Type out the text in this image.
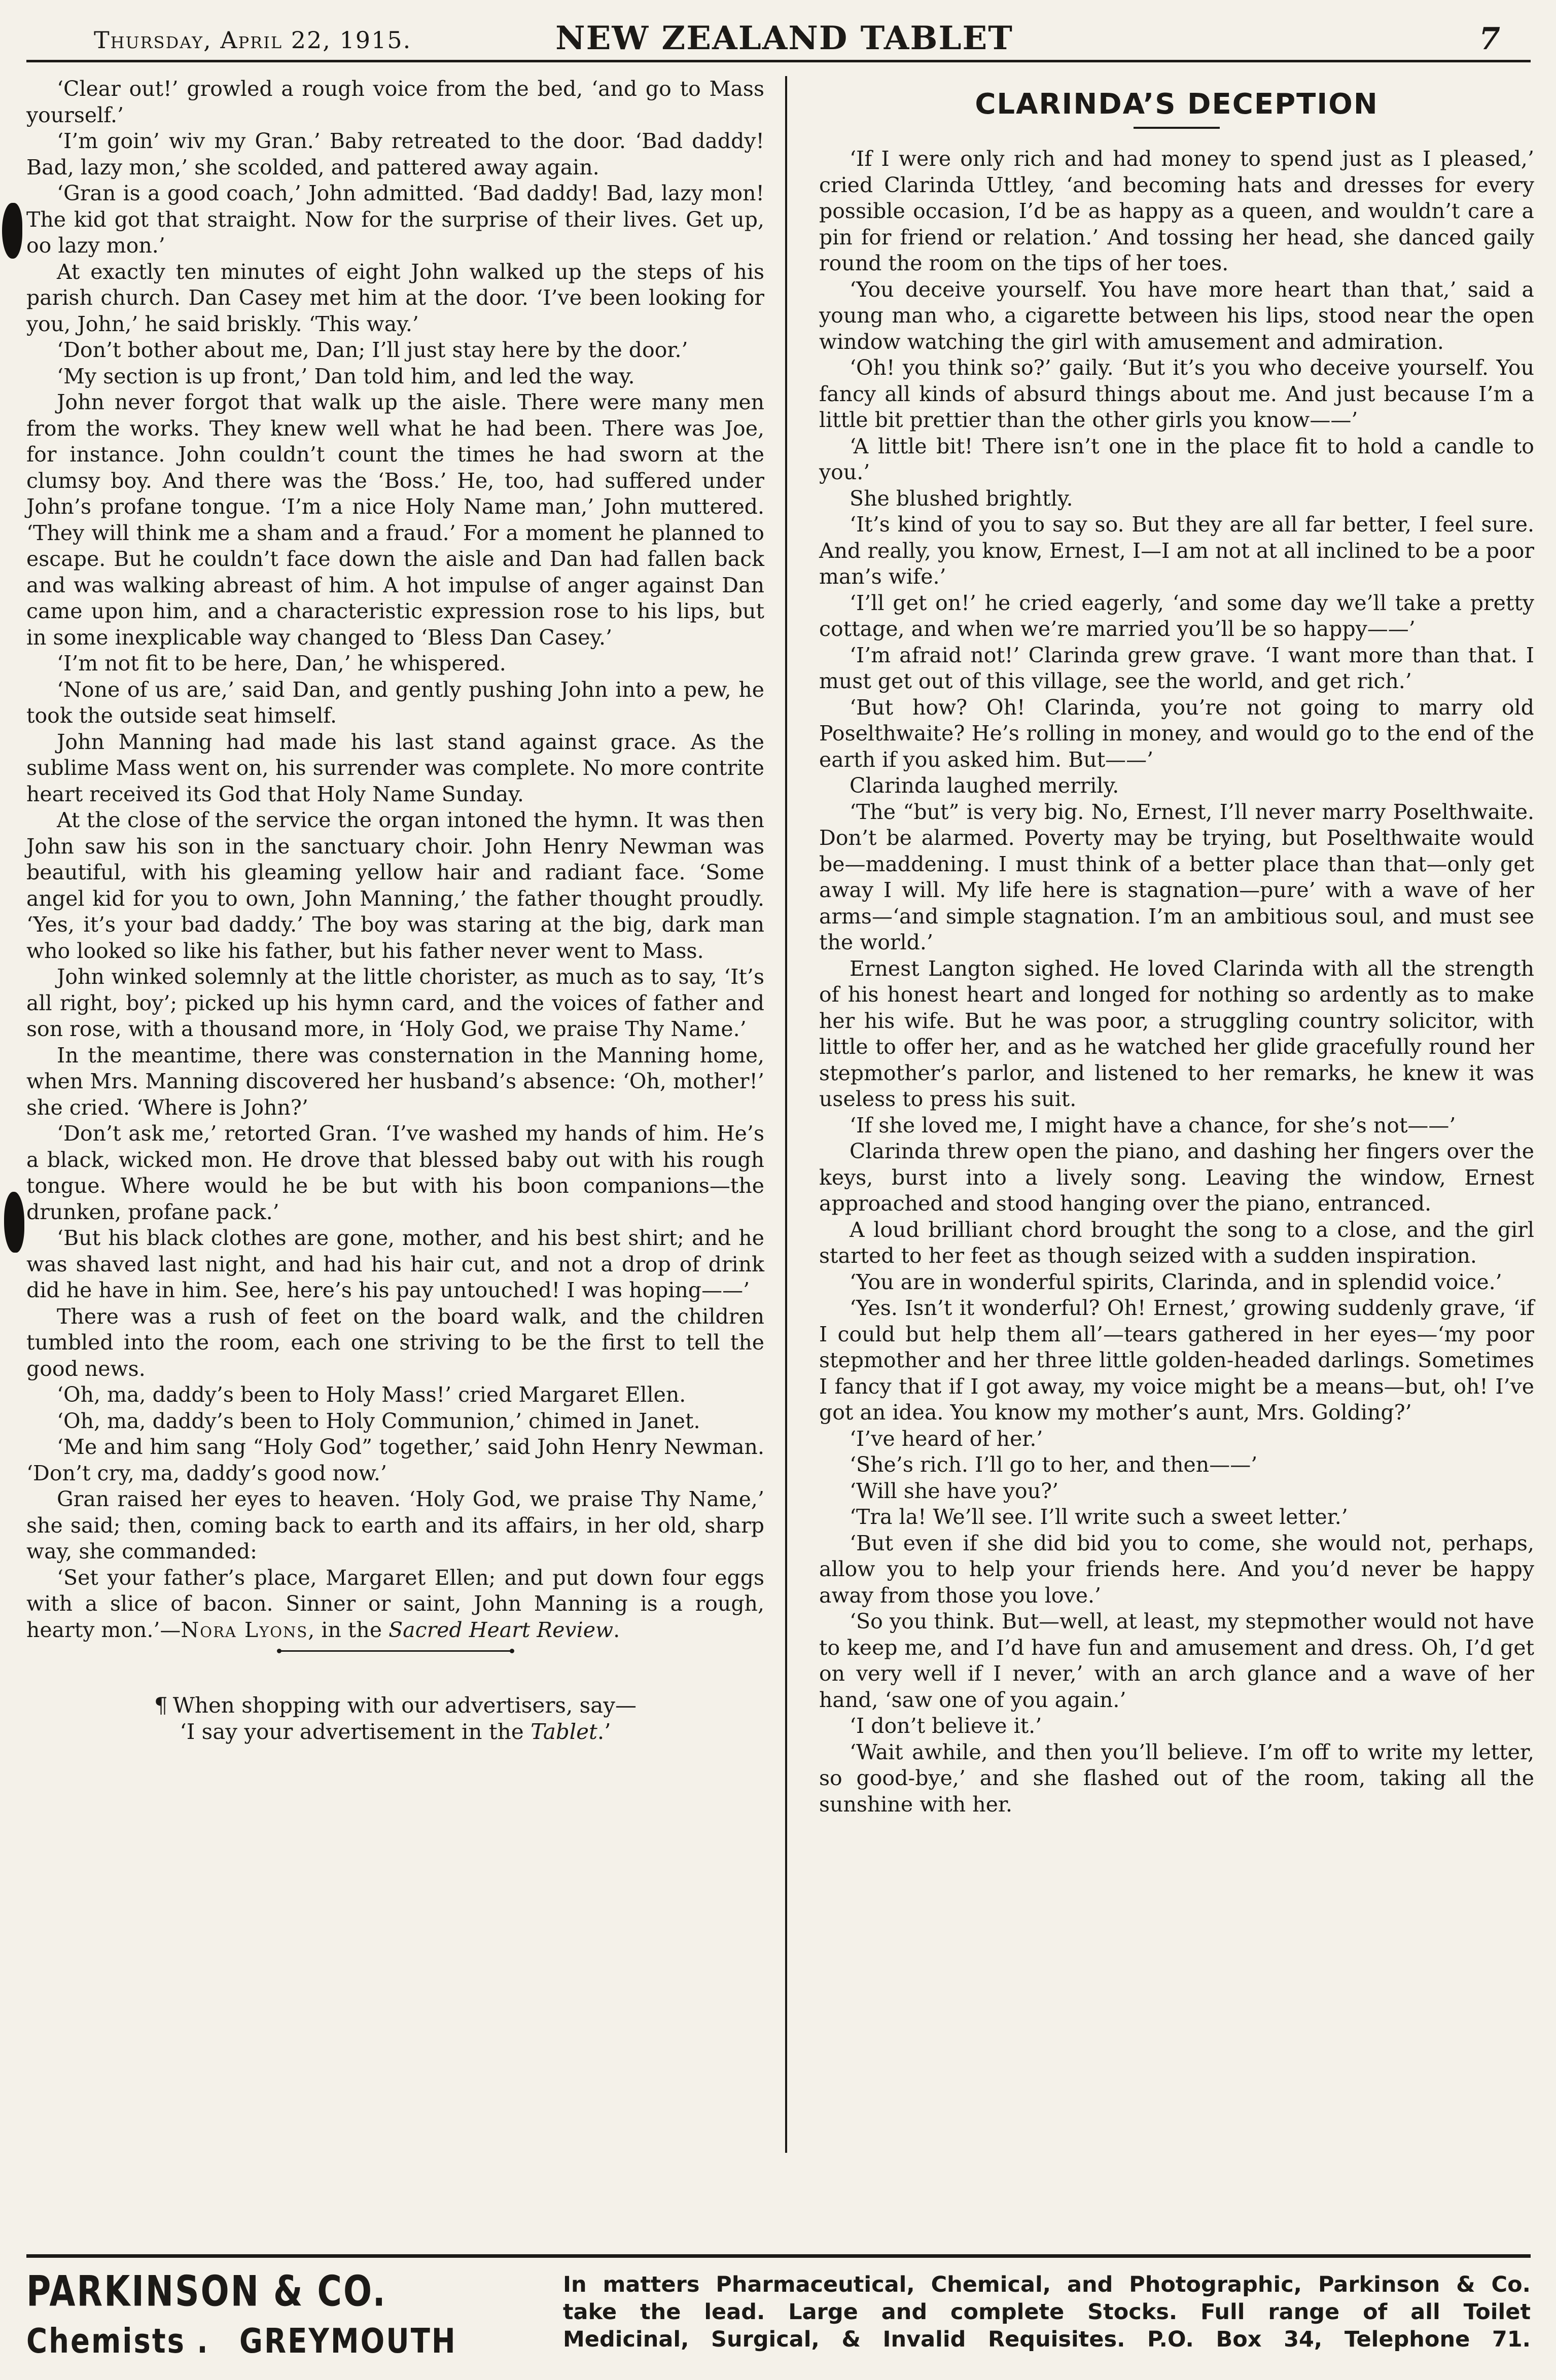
Thursday, April 22, 1915.	NEW ZEALAND TABLET	7

‘Clear out!’ growled a rough voice from the bed, ‘and go to Mass yourself.’

‘I’m goin’ wiv my Gran.’ Baby retreated to the door. ‘Bad daddy! Bad, lazy mon,’ she scolded, and pattered away again.

‘Gran is a good coach,’ John admitted. ‘Bad daddy! Bad, lazy mon! The kid got that straight. Now for the surprise of their lives. Get up, oo lazy mon.’

At exactly ten minutes of eight John walked up the steps of his parish church. Dan Casey met him at the door. ‘I’ve been looking for you, John,’ he said briskly. ‘This way.’

‘Don’t bother about me, Dan; I’ll just stay here by the door.’

‘My section is up front,’ Dan told him, and led the way.

John never forgot that walk up the aisle. There were many men from the works. They knew well what he had been. There was Joe, for instance. John couldn’t count the times he had sworn at the clumsy boy. And there was the ‘Boss.’ He, too, had suffered under John’s profane tongue. ‘I’m a nice Holy Name man,’ John muttered. ‘They will think me a sham and a fraud.’ For a moment he planned to escape. But he couldn’t face down the aisle and Dan had fallen back and was walking abreast of him. A hot impulse of anger against Dan came upon him, and a characteristic expression rose to his lips, but in some inexplicable way changed to ‘Bless Dan Casey.’

‘I’m not fit to be here, Dan,’ he whispered.

‘None of us are,’ said Dan, and gently pushing John into a pew, he took the outside seat himself.

John Manning had made his last stand against grace. As the sublime Mass went on, his surrender was complete. No more contrite heart received its God that Holy Name Sunday.

At the close of the service the organ intoned the hymn. It was then John saw his son in the sanctuary choir. John Henry Newman was beautiful, with his gleaming yellow hair and radiant face. ‘Some angel kid for you to own, John Manning,’ the father thought proudly. ‘Yes, it’s your bad daddy.’ The boy was staring at the big, dark man who looked so like his father, but his father never went to Mass.

John winked solemnly at the little chorister, as much as to say, ‘It’s all right, boy’; picked up his hymn card, and the voices of father and son rose, with a thousand more, in ‘Holy God, we praise Thy Name.’

In the meantime, there was consternation in the Manning home, when Mrs. Manning discovered her husband’s absence: ‘Oh, mother!’ she cried. ‘Where is John?’

‘Don’t ask me,’ retorted Gran. ‘I’ve washed my hands of him. He’s a black, wicked mon. He drove that blessed baby out with his rough tongue. Where would he be but with his boon companions—the drunken, profane pack.’

‘But his black clothes are gone, mother, and his best shirt; and he was shaved last night, and had his hair cut, and not a drop of drink did he have in him. See, here’s his pay untouched! I was hoping——’

There was a rush of feet on the board walk, and the children tumbled into the room, each one striving to be the first to tell the good news.

‘Oh, ma, daddy’s been to Holy Mass!’ cried Margaret Ellen.

‘Oh, ma, daddy’s been to Holy Communion,’ chimed in Janet.

‘Me and him sang “Holy God” together,’ said John Henry Newman. ‘Don’t cry, ma, daddy’s good now.’

Gran raised her eyes to heaven. ‘Holy God, we praise Thy Name,’ she said; then, coming back to earth and its affairs, in her old, sharp way, she commanded:

‘Set your father’s place, Margaret Ellen; and put down four eggs with a slice of bacon. Sinner or saint, John Manning is a rough, hearty mon.’—Nora Lyons, in the Sacred Heart Review.

¶ When shopping with our advertisers, say—
‘I say your advertisement in the Tablet.’
CLARINDA’S DECEPTION

‘If I were only rich and had money to spend just as I pleased,’ cried Clarinda Uttley, ‘and becoming hats and dresses for every possible occasion, I’d be as happy as a queen, and wouldn’t care a pin for friend or relation.’ And tossing her head, she danced gaily round the room on the tips of her toes.

‘You deceive yourself. You have more heart than that,’ said a young man who, a cigarette between his lips, stood near the open window watching the girl with amusement and admiration.

‘Oh! you think so?’ gaily. ‘But it’s you who deceive yourself. You fancy all kinds of absurd things about me. And just because I’m a little bit prettier than the other girls you know——’

‘A little bit! There isn’t one in the place fit to hold a candle to you.’

She blushed brightly.

‘It’s kind of you to say so. But they are all far better, I feel sure. And really, you know, Ernest, I—I am not at all inclined to be a poor man’s wife.’

‘I’ll get on!’ he cried eagerly, ‘and some day we’ll take a pretty cottage, and when we’re married you’ll be so happy——’

‘I’m afraid not!’ Clarinda grew grave. ‘I want more than that. I must get out of this village, see the world, and get rich.’

‘But how? Oh! Clarinda, you’re not going to marry old Poselthwaite? He’s rolling in money, and would go to the end of the earth if you asked him. But——’

Clarinda laughed merrily.

‘The “but” is very big. No, Ernest, I’ll never marry Poselthwaite. Don’t be alarmed. Poverty may be trying, but Poselthwaite would be—maddening. I must think of a better place than that—only get away I will. My life here is stagnation—pure’ with a wave of her arms—‘and simple stagnation. I’m an ambitious soul, and must see the world.’

Ernest Langton sighed. He loved Clarinda with all the strength of his honest heart and longed for nothing so ardently as to make her his wife. But he was poor, a struggling country solicitor, with little to offer her, and as he watched her glide gracefully round her stepmother’s parlor, and listened to her remarks, he knew it was useless to press his suit.

‘If she loved me, I might have a chance, for she’s not——’

Clarinda threw open the piano, and dashing her fingers over the keys, burst into a lively song. Leaving the window, Ernest approached and stood hanging over the piano, entranced.

A loud brilliant chord brought the song to a close, and the girl started to her feet as though seized with a sudden inspiration.

‘You are in wonderful spirits, Clarinda, and in splendid voice.’

‘Yes. Isn’t it wonderful? Oh! Ernest,’ growing suddenly grave, ‘if I could but help them all’—tears gathered in her eyes—‘my poor stepmother and her three little golden-headed darlings. Sometimes I fancy that if I got away, my voice might be a means—but, oh! I’ve got an idea. You know my mother’s aunt, Mrs. Golding?’

‘I’ve heard of her.’

‘She’s rich. I’ll go to her, and then——’

‘Will she have you?’

‘Tra la! We’ll see. I’ll write such a sweet letter.’

‘But even if she did bid you to come, she would not, perhaps, allow you to help your friends here. And you’d never be happy away from those you love.’

‘So you think. But—well, at least, my stepmother would not have to keep me, and I’d have fun and amusement and dress. Oh, I’d get on very well if I never,’ with an arch glance and a wave of her hand, ‘saw one of you again.’

‘I don’t believe it.’

‘Wait awhile, and then you’ll believe. I’m off to write my letter, so good-bye,’ and she flashed out of the room, taking all the sunshine with her.

PARKINSON & CO.
Chemists . GREYMOUTH
In matters Pharmaceutical, Chemical, and Photographic, Parkinson & Co.
take the lead. Large and complete Stocks. Full range of all Toilet
Medicinal, Surgical, & Invalid Requisites. P.O. Box 34, Telephone 71.
